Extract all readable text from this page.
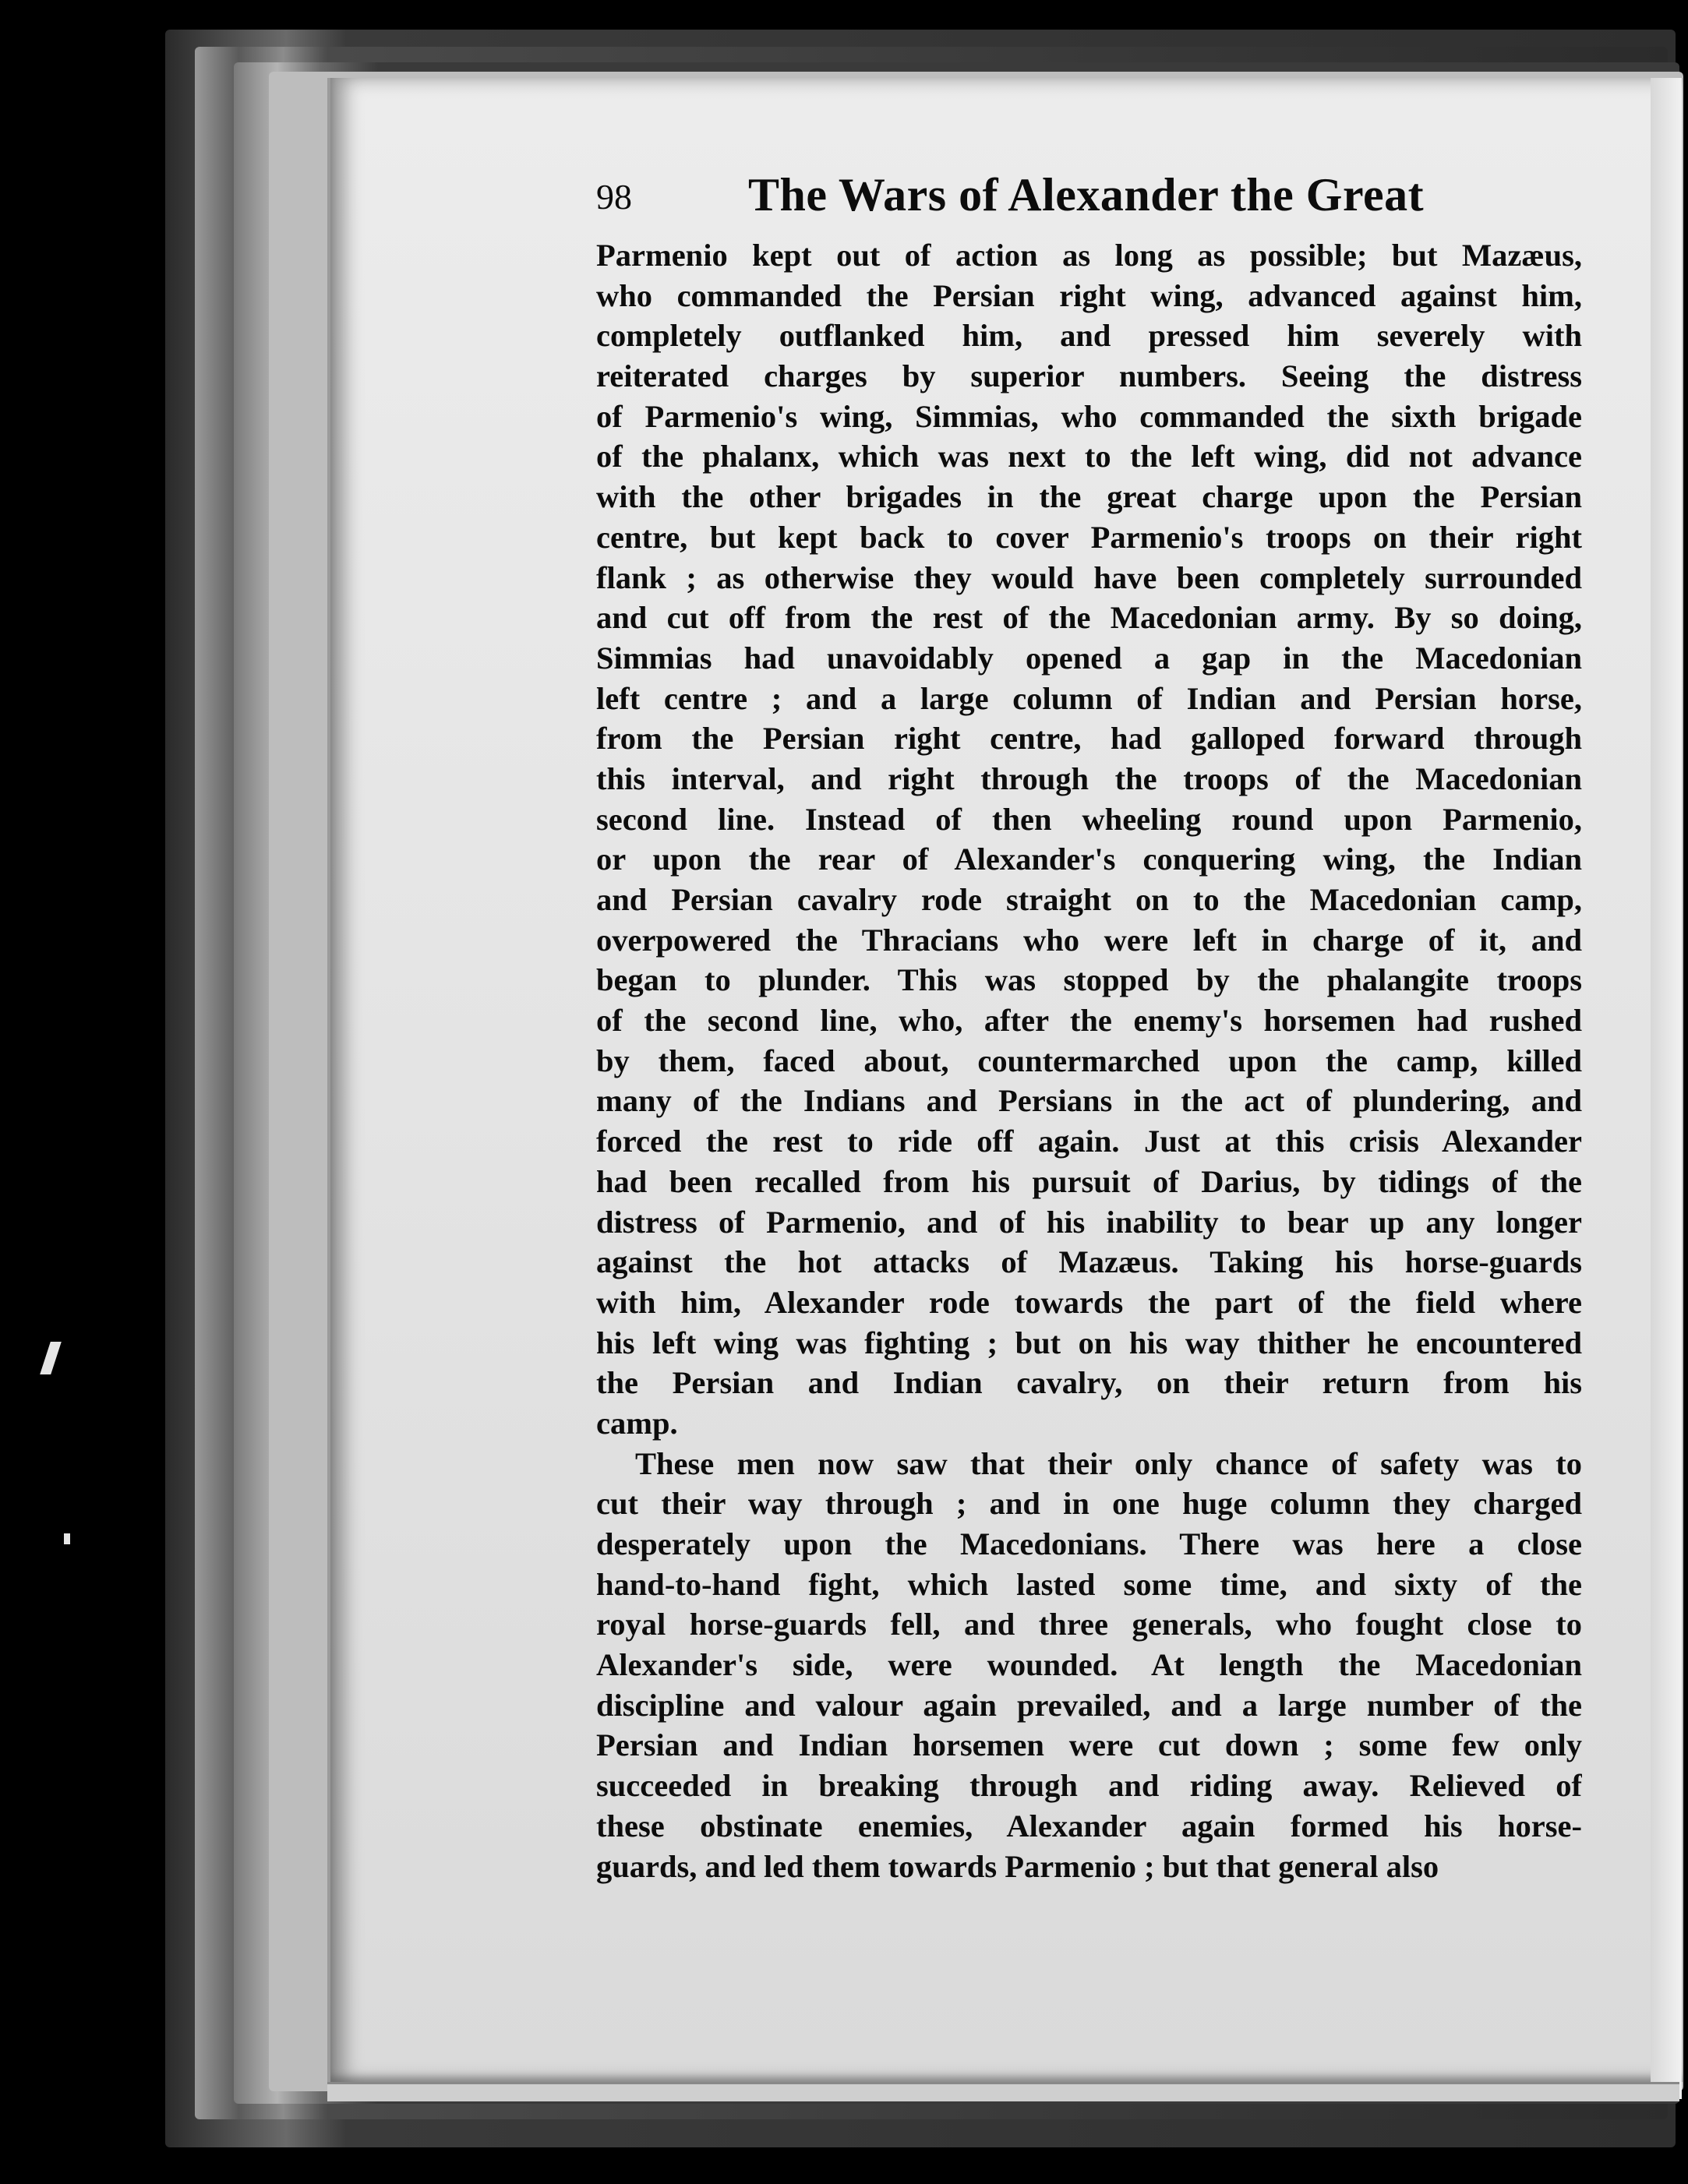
98 The Wars of Alexander the Great
Parmenio kept out of action as long as possible; but Mazæus,
who commanded the Persian right wing, advanced against him,
completely outflanked him, and pressed him severely with
reiterated charges by superior numbers. Seeing the distress
of Parmenio's wing, Simmias, who commanded the sixth brigade
of the phalanx, which was next to the left wing, did not advance
with the other brigades in the great charge upon the Persian
centre, but kept back to cover Parmenio's troops on their right
flank ; as otherwise they would have been completely surrounded
and cut off from the rest of the Macedonian army. By so doing,
Simmias had unavoidably opened a gap in the Macedonian
left centre ; and a large column of Indian and Persian horse,
from the Persian right centre, had galloped forward through
this interval, and right through the troops of the Macedonian
second line. Instead of then wheeling round upon Parmenio,
or upon the rear of Alexander's conquering wing, the Indian
and Persian cavalry rode straight on to the Macedonian camp,
overpowered the Thracians who were left in charge of it, and
began to plunder. This was stopped by the phalangite troops
of the second line, who, after the enemy's horsemen had rushed
by them, faced about, countermarched upon the camp, killed
many of the Indians and Persians in the act of plundering, and
forced the rest to ride off again. Just at this crisis Alexander
had been recalled from his pursuit of Darius, by tidings of the
distress of Parmenio, and of his inability to bear up any longer
against the hot attacks of Mazæus. Taking his horse-guards
with him, Alexander rode towards the part of the field where
his left wing was fighting ; but on his way thither he encountered
the Persian and Indian cavalry, on their return from his
camp.
These men now saw that their only chance of safety was to
cut their way through ; and in one huge column they charged
desperately upon the Macedonians. There was here a close
hand-to-hand fight, which lasted some time, and sixty of the
royal horse-guards fell, and three generals, who fought close to
Alexander's side, were wounded. At length the Macedonian
discipline and valour again prevailed, and a large number of the
Persian and Indian horsemen were cut down ; some few only
succeeded in breaking through and riding away. Relieved of
these obstinate enemies, Alexander again formed his horse-
guards, and led them towards Parmenio ; but that general also
